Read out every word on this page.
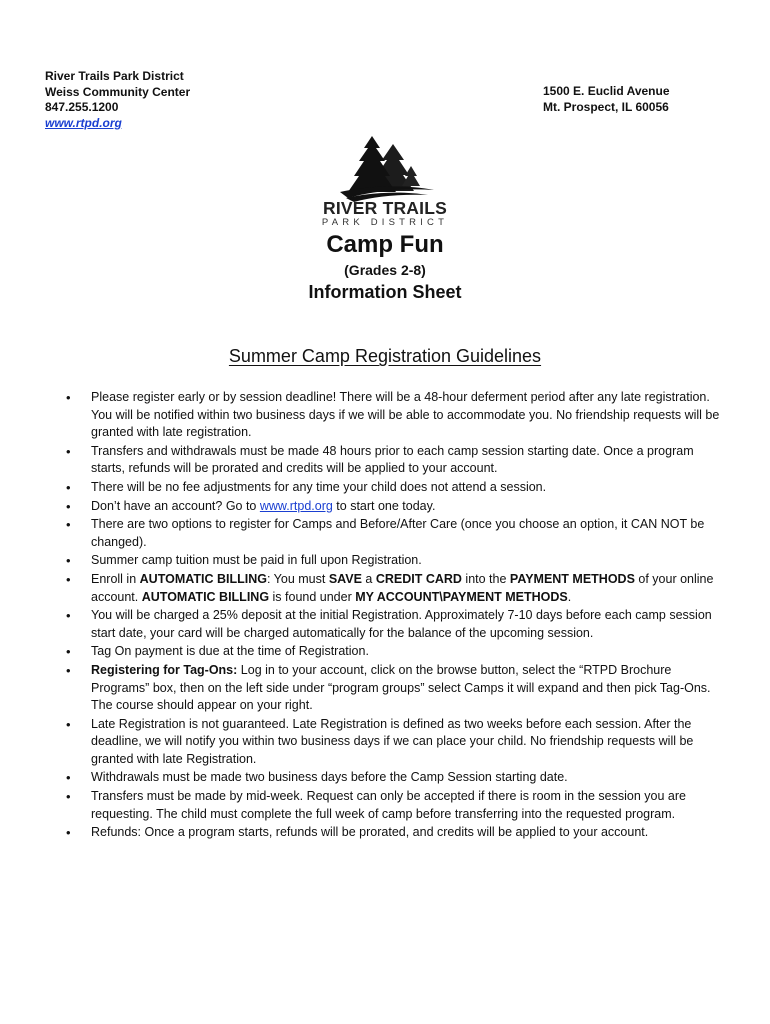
River Trails Park District
Weiss Community Center
847.255.1200
www.rtpd.org
1500 E. Euclid Avenue
Mt. Prospect, IL 60056
RIVER TRAILS
PARK DISTRICT
Camp Fun
(Grades 2-8)
Information Sheet
Summer Camp Registration Guidelines
• Please register early or by session deadline! There will be a 48-hour deferment period after any late registration. You will be notified within two business days if we will be able to accommodate you. No friendship requests will be granted with late registration.
• Transfers and withdrawals must be made 48 hours prior to each camp session starting date. Once a program starts, refunds will be prorated and credits will be applied to your account.
• There will be no fee adjustments for any time your child does not attend a session.
• Don’t have an account? Go to www.rtpd.org to start one today.
• There are two options to register for Camps and Before/After Care (once you choose an option, it CAN NOT be changed).
• Summer camp tuition must be paid in full upon Registration.
• Enroll in AUTOMATIC BILLING: You must SAVE a CREDIT CARD into the PAYMENT METHODS of your online account. AUTOMATIC BILLING is found under MY ACCOUNT\PAYMENT METHODS.
• You will be charged a 25% deposit at the initial Registration. Approximately 7-10 days before each camp session start date, your card will be charged automatically for the balance of the upcoming session.
• Tag On payment is due at the time of Registration.
• Registering for Tag-Ons: Log in to your account, click on the browse button, select the “RTPD Brochure Programs” box, then on the left side under “program groups” select Camps it will expand and then pick Tag-Ons. The course should appear on your right.
• Late Registration is not guaranteed. Late Registration is defined as two weeks before each session. After the deadline, we will notify you within two business days if we can place your child. No friendship requests will be granted with late Registration.
• Withdrawals must be made two business days before the Camp Session starting date.
• Transfers must be made by mid-week. Request can only be accepted if there is room in the session you are requesting. The child must complete the full week of camp before transferring into the requested program.
• Refunds: Once a program starts, refunds will be prorated, and credits will be applied to your account.
